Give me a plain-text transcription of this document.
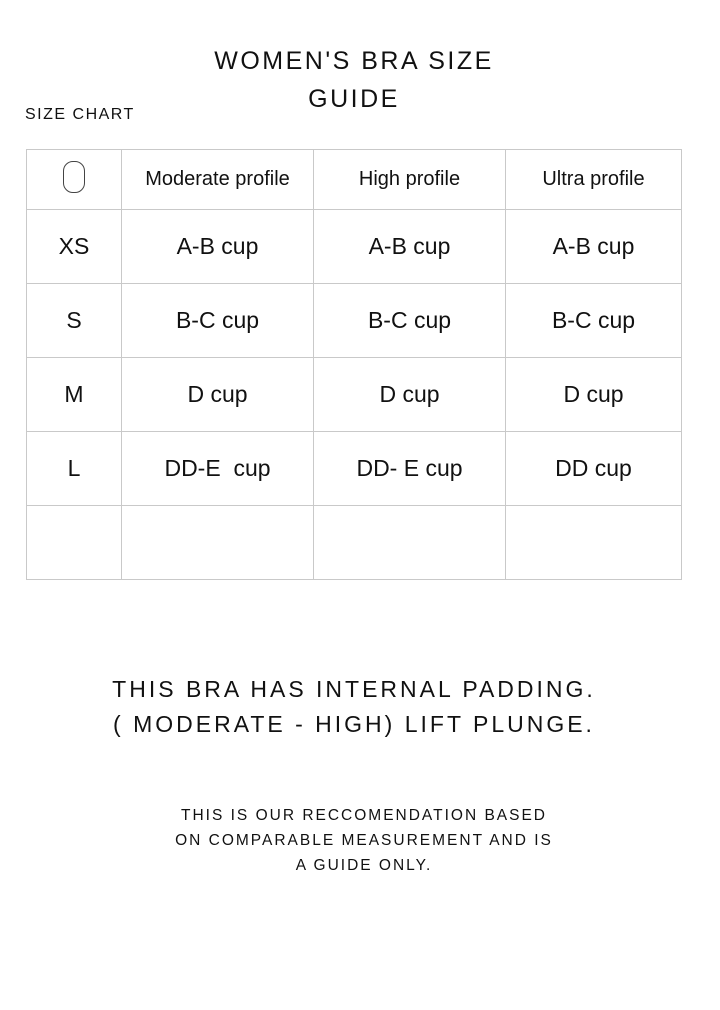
WOMEN'S BRA SIZE
GUIDE
SIZE CHART
	Moderate profile	High profile	Ultra profile
XS	A-B cup	A-B cup	A-B cup
S	B-C cup	B-C cup	B-C cup
M	D cup	D cup	D cup
L	DD-E  cup	DD- E cup	DD cup

THIS BRA HAS INTERNAL PADDING.
( MODERATE - HIGH) LIFT PLUNGE.
THIS IS OUR RECCOMENDATION BASED
ON COMPARABLE MEASUREMENT AND IS
A GUIDE ONLY.
